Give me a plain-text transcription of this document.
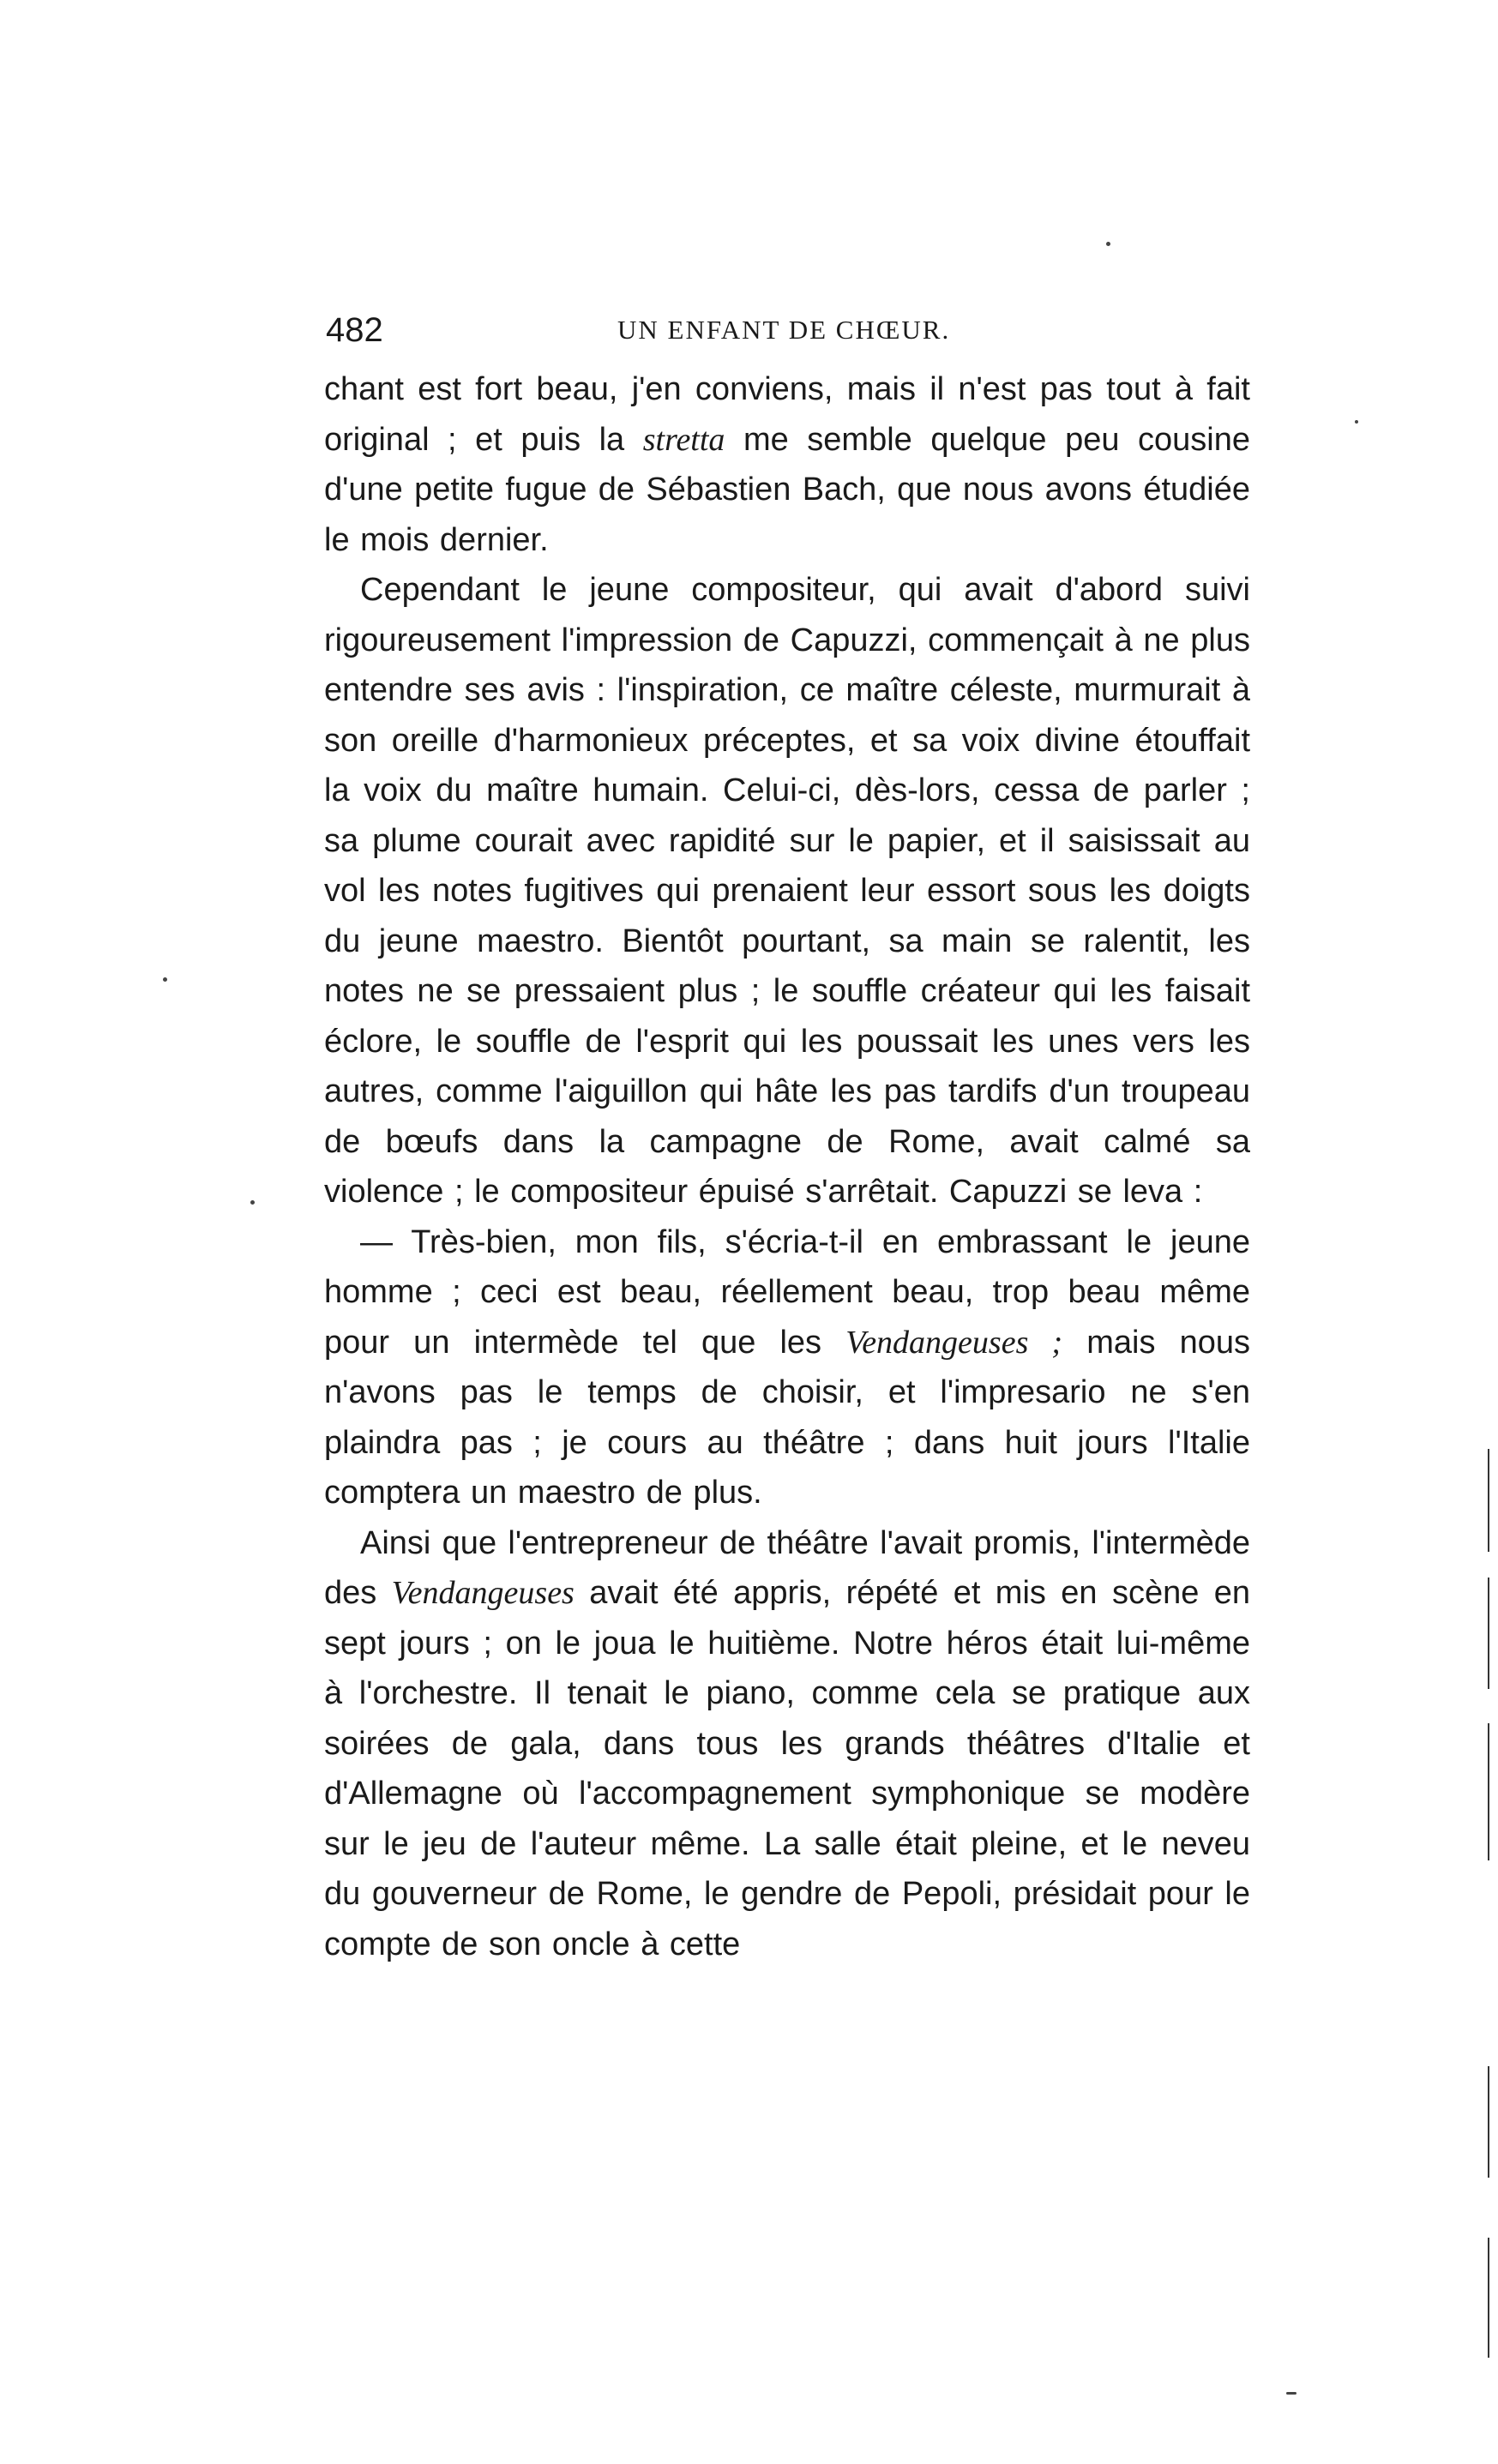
482	UN ENFANT DE CHŒUR.

chant est fort beau, j'en conviens, mais il n'est pas tout à fait original ; et puis la stretta me semble quelque peu cousine d'une petite fugue de Sébastien Bach, que nous avons étudiée le mois dernier.

Cependant le jeune compositeur, qui avait d'abord suivi rigoureusement l'impression de Capuzzi, commençait à ne plus entendre ses avis : l'inspiration, ce maître céleste, murmurait à son oreille d'harmonieux préceptes, et sa voix divine étouffait la voix du maître humain. Celui-ci, dès-lors, cessa de parler ; sa plume courait avec rapidité sur le papier, et il saisissait au vol les notes fugitives qui prenaient leur essort sous les doigts du jeune maestro. Bientôt pourtant, sa main se ralentit, les notes ne se pressaient plus ; le souffle créateur qui les faisait éclore, le souffle de l'esprit qui les poussait les unes vers les autres, comme l'aiguillon qui hâte les pas tardifs d'un troupeau de bœufs dans la campagne de Rome, avait calmé sa violence ; le compositeur épuisé s'arrêtait. Capuzzi se leva :

— Très-bien, mon fils, s'écria-t-il en embrassant le jeune homme ; ceci est beau, réellement beau, trop beau même pour un intermède tel que les Vendangeuses ; mais nous n'avons pas le temps de choisir, et l'impresario ne s'en plaindra pas ; je cours au théâtre ; dans huit jours l'Italie comptera un maestro de plus.

Ainsi que l'entrepreneur de théâtre l'avait promis, l'intermède des Vendangeuses avait été appris, répété et mis en scène en sept jours ; on le joua le huitième. Notre héros était lui-même à l'orchestre. Il tenait le piano, comme cela se pratique aux soirées de gala, dans tous les grands théâtres d'Italie et d'Allemagne où l'accompagnement symphonique se modère sur le jeu de l'auteur même. La salle était pleine, et le neveu du gouverneur de Rome, le gendre de Pepoli, présidait pour le compte de son oncle à cette
